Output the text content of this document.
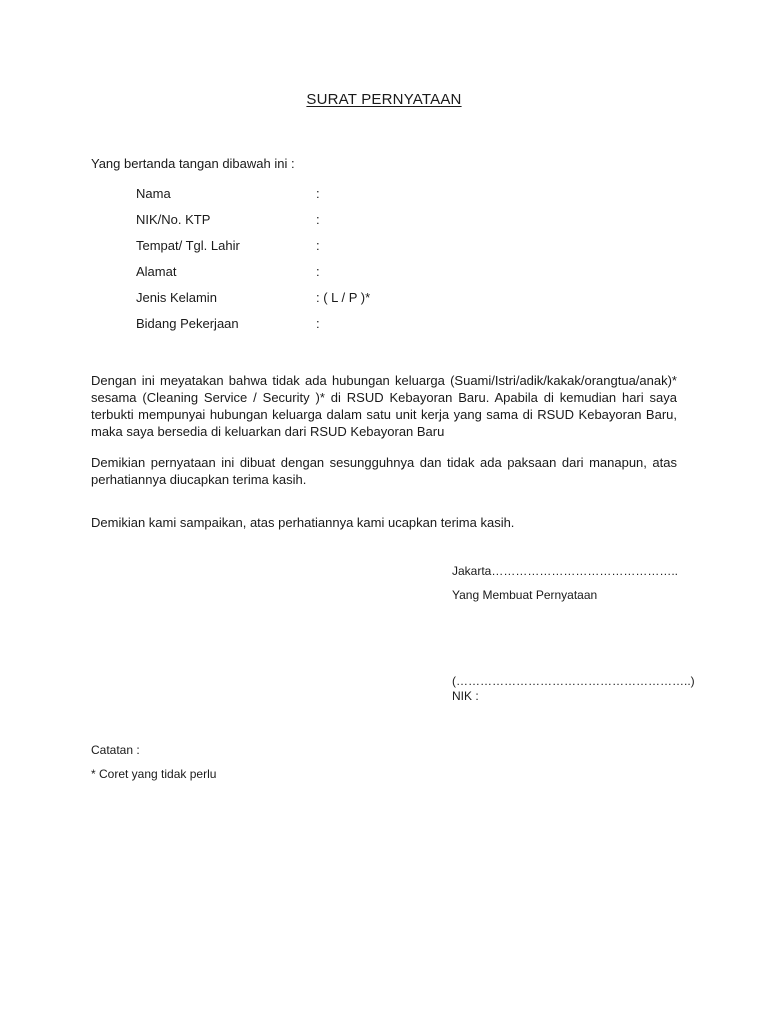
SURAT PERNYATAAN
Yang bertanda tangan dibawah ini :
Nama	:
NIK/No. KTP	:
Tempat/ Tgl. Lahir	:
Alamat	:
Jenis Kelamin	: ( L / P )*
Bidang Pekerjaan	:

Dengan ini meyatakan bahwa tidak ada hubungan keluarga (Suami/Istri/adik/kakak/orangtua/anak)* sesama (Cleaning Service / Security )* di RSUD Kebayoran Baru. Apabila di kemudian hari saya terbukti mempunyai hubungan keluarga dalam satu unit kerja yang sama di RSUD Kebayoran Baru, maka saya bersedia di keluarkan dari RSUD Kebayoran Baru

Demikian pernyataan ini dibuat dengan sesungguhnya dan tidak ada paksaan dari manapun, atas perhatiannya diucapkan terima kasih.

Demikian kami sampaikan, atas perhatiannya kami ucapkan terima kasih.
Jakarta………………………………………..
Yang Membuat Pernyataan
(…………………………………………………..)
NIK :
Catatan :
* Coret yang tidak perlu
